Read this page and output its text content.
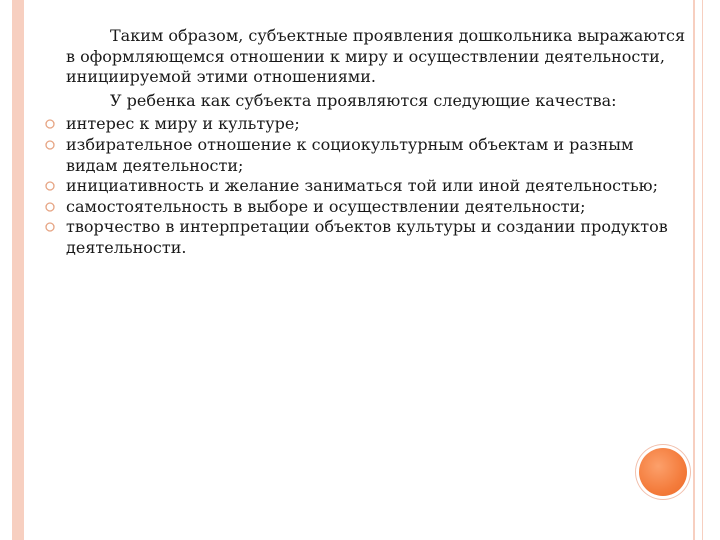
Таким образом, субъектные проявления дошкольника выражаются в оформляющемся отношении к миру и осуществлении деятельности, инициируемой этими отношениями.

У ребенка как субъекта проявляются следующие качества:

интерес к миру и культуре;
избирательное отношение к социокультурным объектам и разным видам деятельности;
инициативность и желание заниматься той или иной деятельностью;
самостоятельность в выборе и осуществлении деятельности;
творчество в интерпретации объектов культуры и создании продуктов деятельности.
